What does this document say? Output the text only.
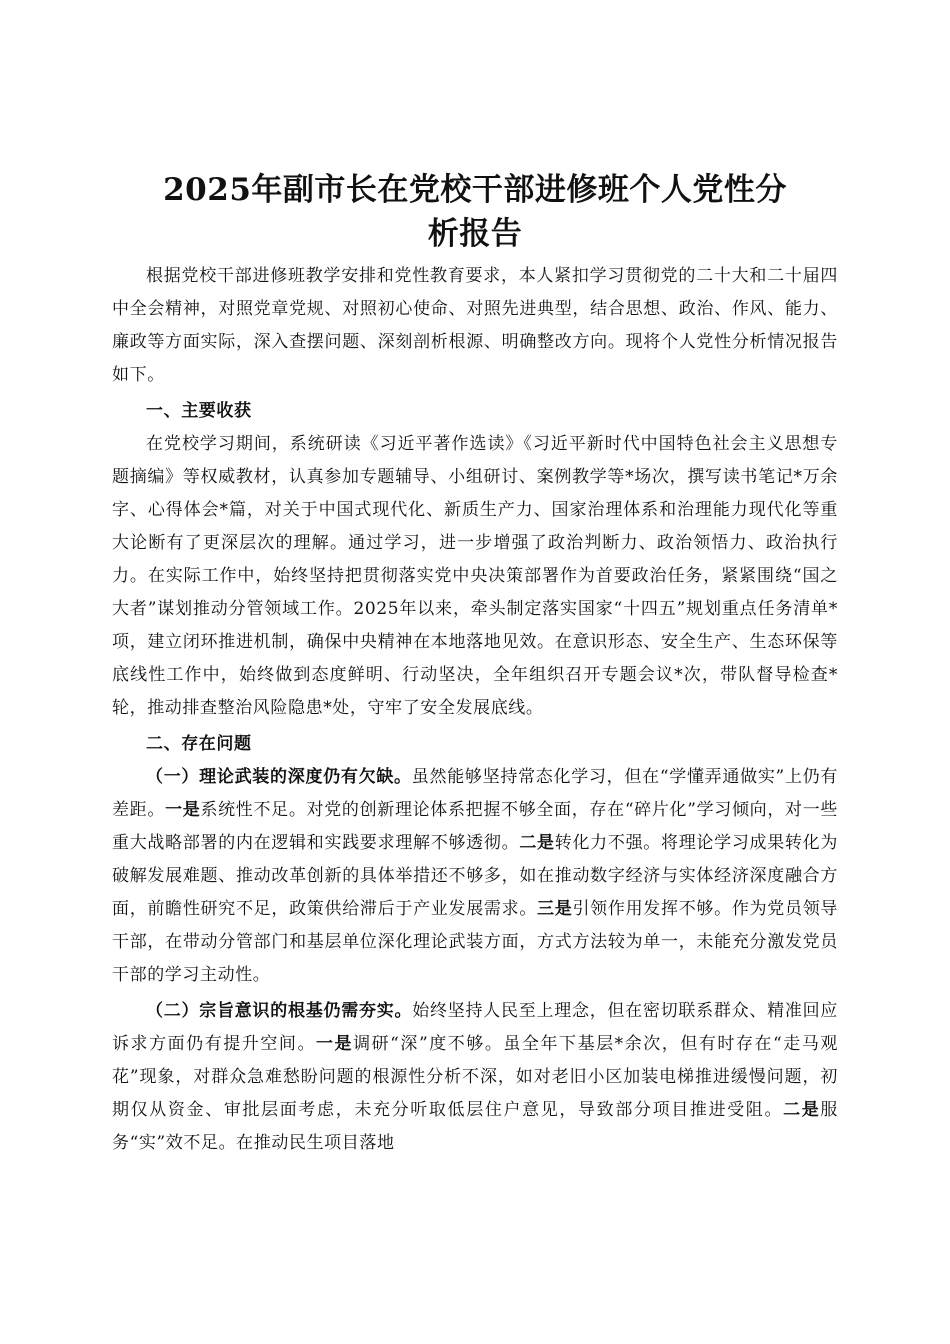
2025年副市长在党校干部进修班个人党性分
析报告

根据党校干部进修班教学安排和党性教育要求，本人紧扣学习贯彻党的二十大和二十届四中全会精神，对照党章党规、对照初心使命、对照先进典型，结合思想、政治、作风、能力、廉政等方面实际，深入查摆问题、深刻剖析根源、明确整改方向。现将个人党性分析情况报告如下。

一、主要收获

在党校学习期间，系统研读《习近平著作选读》《习近平新时代中国特色社会主义思想专题摘编》等权威教材，认真参加专题辅导、小组研讨、案例教学等*场次，撰写读书笔记*万余字、心得体会*篇，对关于中国式现代化、新质生产力、国家治理体系和治理能力现代化等重大论断有了更深层次的理解。通过学习，进一步增强了政治判断力、政治领悟力、政治执行力。在实际工作中，始终坚持把贯彻落实党中央决策部署作为首要政治任务，紧紧围绕“国之大者”谋划推动分管领域工作。2025年以来，牵头制定落实国家“十四五”规划重点任务清单*项，建立闭环推进机制，确保中央精神在本地落地见效。在意识形态、安全生产、生态环保等底线性工作中，始终做到态度鲜明、行动坚决，全年组织召开专题会议*次，带队督导检查*轮，推动排查整治风险隐患*处，守牢了安全发展底线。

二、存在问题

（一）理论武装的深度仍有欠缺。虽然能够坚持常态化学习，但在“学懂弄通做实”上仍有差距。一是系统性不足。对党的创新理论体系把握不够全面，存在“碎片化”学习倾向，对一些重大战略部署的内在逻辑和实践要求理解不够透彻。二是转化力不强。将理论学习成果转化为破解发展难题、推动改革创新的具体举措还不够多，如在推动数字经济与实体经济深度融合方面，前瞻性研究不足，政策供给滞后于产业发展需求。三是引领作用发挥不够。作为党员领导干部，在带动分管部门和基层单位深化理论武装方面，方式方法较为单一，未能充分激发党员干部的学习主动性。

（二）宗旨意识的根基仍需夯实。始终坚持人民至上理念，但在密切联系群众、精准回应诉求方面仍有提升空间。一是调研“深”度不够。虽全年下基层*余次，但有时存在“走马观花”现象，对群众急难愁盼问题的根源性分析不深，如对老旧小区加装电梯推进缓慢问题，初期仅从资金、审批层面考虑，未充分听取低层住户意见，导致部分项目推进受阻。二是服务“实”效不足。在推动民生项目落地
